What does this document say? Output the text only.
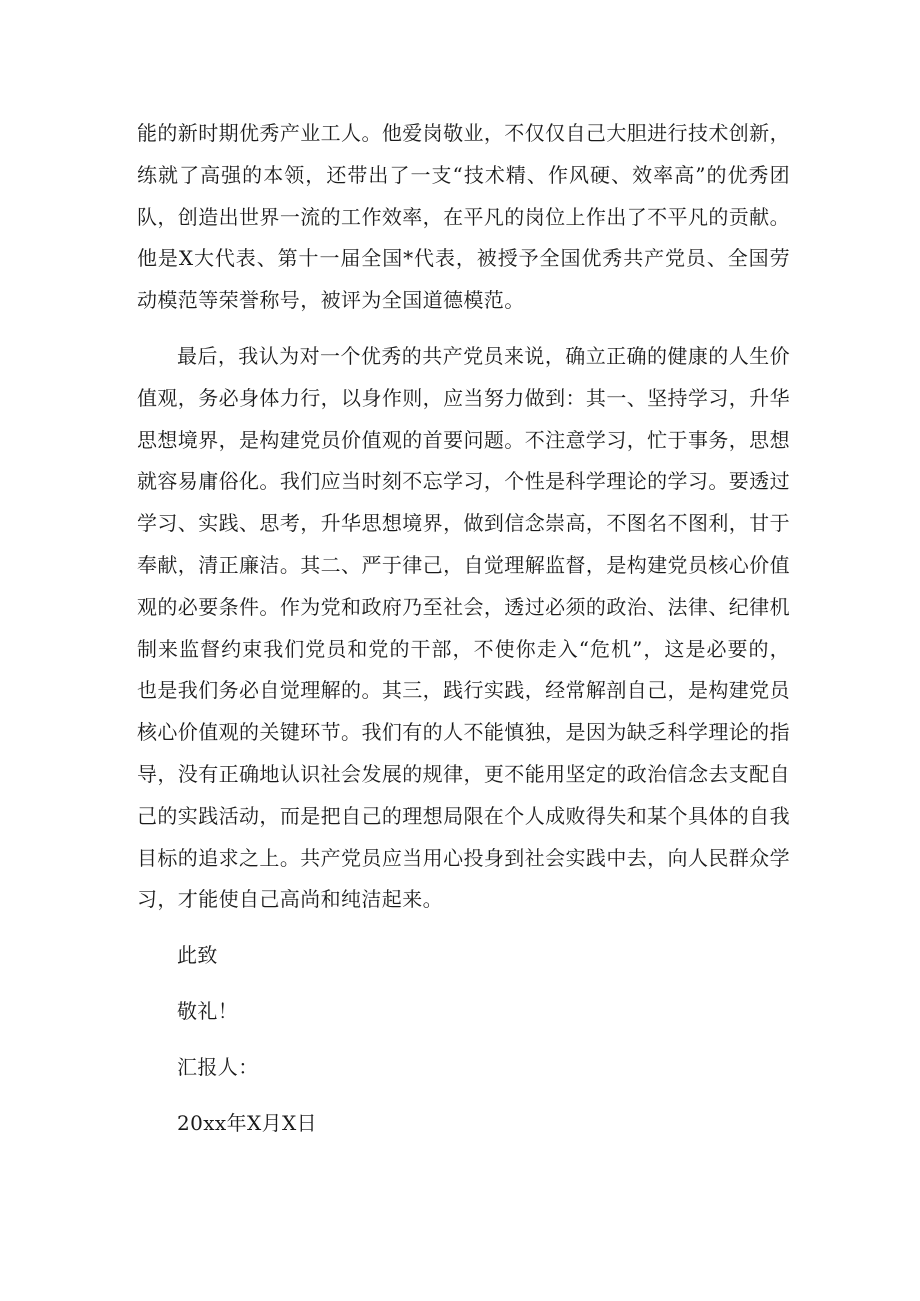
能的新时期优秀产业工人。他爱岗敬业，不仅仅自己大胆进行技术创新，练就了高强的本领，还带出了一支“技术精、作风硬、效率高”的优秀团队，创造出世界一流的工作效率，在平凡的岗位上作出了不平凡的贡献。他是X大代表、第十一届全国*代表，被授予全国优秀共产党员、全国劳动模范等荣誉称号，被评为全国道德模范。

最后，我认为对一个优秀的共产党员来说，确立正确的健康的人生价值观，务必身体力行，以身作则，应当努力做到：其一、坚持学习，升华思想境界，是构建党员价值观的首要问题。不注意学习，忙于事务，思想就容易庸俗化。我们应当时刻不忘学习，个性是科学理论的学习。要透过学习、实践、思考，升华思想境界，做到信念崇高，不图名不图利，甘于奉献，清正廉洁。其二、严于律己，自觉理解监督，是构建党员核心价值观的必要条件。作为党和政府乃至社会，透过必须的政治、法律、纪律机制来监督约束我们党员和党的干部，不使你走入“危机”，这是必要的，也是我们务必自觉理解的。其三，践行实践，经常解剖自己，是构建党员核心价值观的关键环节。我们有的人不能慎独，是因为缺乏科学理论的指导，没有正确地认识社会发展的规律，更不能用坚定的政治信念去支配自己的实践活动，而是把自己的理想局限在个人成败得失和某个具体的自我目标的追求之上。共产党员应当用心投身到社会实践中去，向人民群众学习，才能使自己高尚和纯洁起来。

此致

敬礼！

汇报人：

20xx年X月X日
